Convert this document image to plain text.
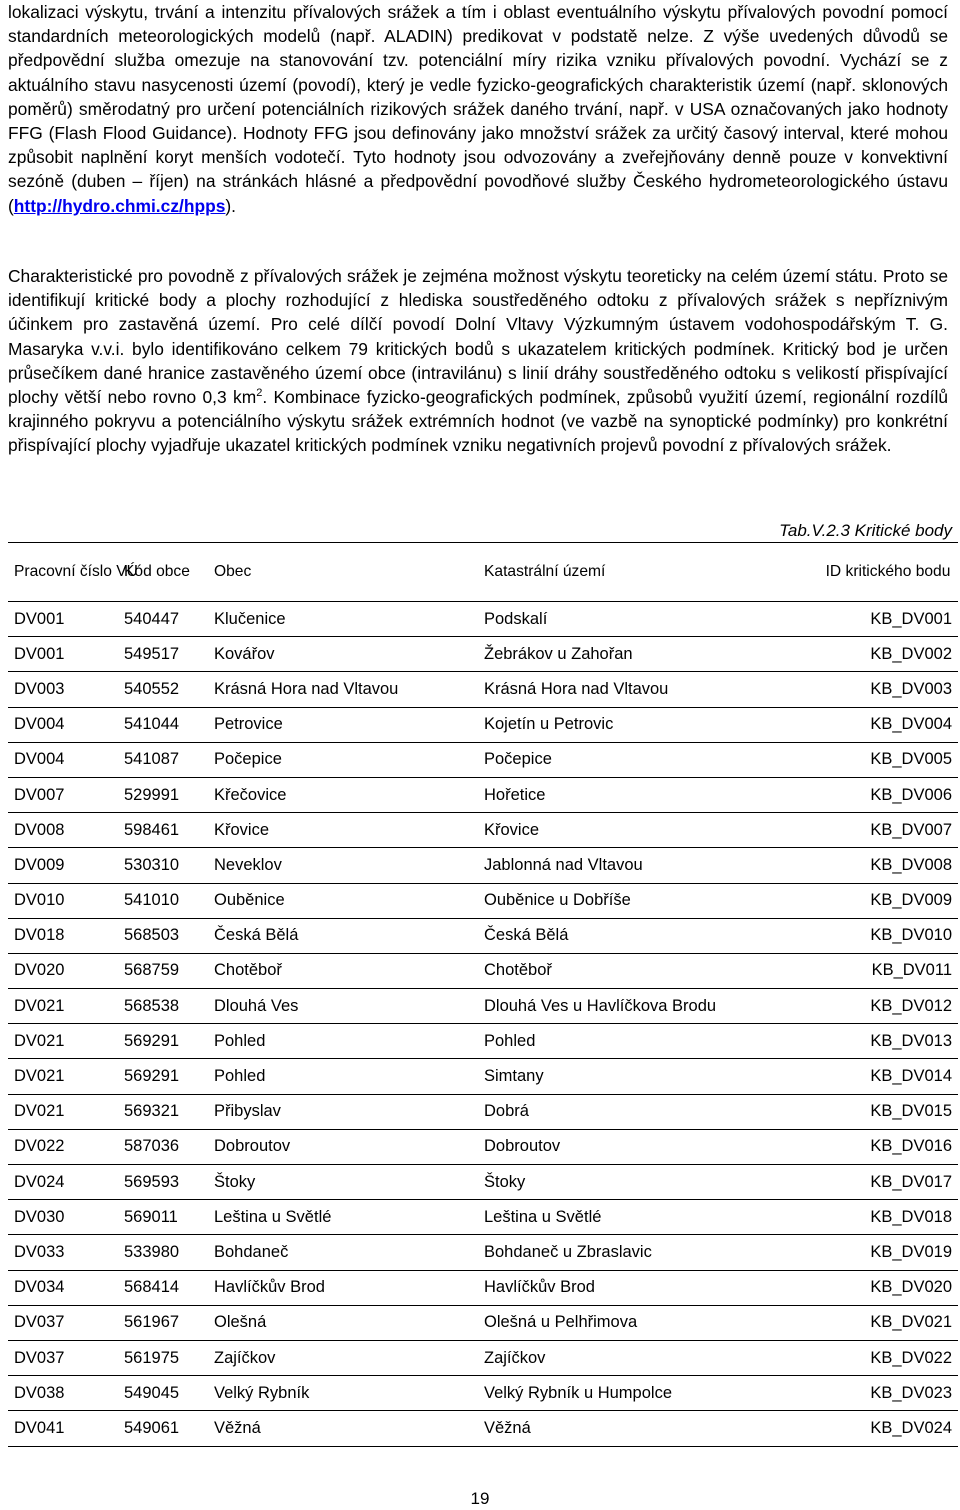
lokalizaci výskytu, trvání a intenzitu přívalových srážek a tím i oblast eventuálního výskytu přívalových povodní pomocí standardních meteorologických modelů (např. ALADIN) predikovat v podstatě nelze. Z výše uvedených důvodů se předpovědní služba omezuje na stanovování tzv. potenciální míry rizika vzniku přívalových povodní. Vychází se z aktuálního stavu nasycenosti území (povodí), který je vedle fyzicko-geografických charakteristik území (např. sklonových poměrů) směrodatný pro určení potenciálních rizikových srážek daného trvání, např. v USA označovaných jako hodnoty FFG (Flash Flood Guidance). Hodnoty FFG jsou definovány jako množství srážek za určitý časový interval, které mohou způsobit naplnění koryt menších vodotečí. Tyto hodnoty jsou odvozovány a zveřejňovány denně pouze v konvektivní sezóně (duben – říjen) na stránkách hlásné a předpovědní povodňové služby Českého hydrometeorologického ústavu (http://hydro.chmi.cz/hpps).

Charakteristické pro povodně z přívalových srážek je zejména možnost výskytu teoreticky na celém území státu. Proto se identifikují kritické body a plochy rozhodující z hlediska soustředěného odtoku z přívalových srážek s nepříznivým účinkem pro zastavěná území. Pro celé dílčí povodí Dolní Vltavy Výzkumným ústavem vodohospodářským T. G. Masaryka v.v.i. bylo identifikováno celkem 79 kritických bodů s ukazatelem kritických podmínek. Kritický bod je určen průsečíkem dané hranice zastavěného území obce (intravilánu) s linií dráhy soustředěného odtoku s velikostí přispívající plochy větší nebo rovno 0,3 $km^2$. Kombinace fyzicko-geografických podmínek, způsobů využití území, regionální rozdílů krajinného pokryvu a potenciálního výskytu srážek extrémních hodnot (ve vazbě na synoptické podmínky) pro konkrétní přispívající plochy vyjadřuje ukazatel kritických podmínek vzniku negativních projevů povodní z přívalových srážek.

Tab.V.2.3 Kritické body
Pracovní číslo VÚ	Kód obce	Obec	Katastrální území	ID kritického bodu
DV001	540447	Klučenice	Podskalí	KB_DV001
DV001	549517	Kovářov	Žebrákov u Zahořan	KB_DV002
DV003	540552	Krásná Hora nad Vltavou	Krásná Hora nad Vltavou	KB_DV003
DV004	541044	Petrovice	Kojetín u Petrovic	KB_DV004
DV004	541087	Počepice	Počepice	KB_DV005
DV007	529991	Křečovice	Hořetice	KB_DV006
DV008	598461	Křovice	Křovice	KB_DV007
DV009	530310	Neveklov	Jablonná nad Vltavou	KB_DV008
DV010	541010	Ouběnice	Ouběnice u Dobříše	KB_DV009
DV018	568503	Česká Bělá	Česká Bělá	KB_DV010
DV020	568759	Chotěboř	Chotěboř	KB_DV011
DV021	568538	Dlouhá Ves	Dlouhá Ves u Havlíčkova Brodu	KB_DV012
DV021	569291	Pohled	Pohled	KB_DV013
DV021	569291	Pohled	Simtany	KB_DV014
DV021	569321	Přibyslav	Dobrá	KB_DV015
DV022	587036	Dobroutov	Dobroutov	KB_DV016
DV024	569593	Štoky	Štoky	KB_DV017
DV030	569011	Leština u Světlé	Leština u Světlé	KB_DV018
DV033	533980	Bohdaneč	Bohdaneč u Zbraslavic	KB_DV019
DV034	568414	Havlíčkův Brod	Havlíčkův Brod	KB_DV020
DV037	561967	Olešná	Olešná u Pelhřimova	KB_DV021
DV037	561975	Zajíčkov	Zajíčkov	KB_DV022
DV038	549045	Velký Rybník	Velký Rybník u Humpolce	KB_DV023
DV041	549061	Věžná	Věžná	KB_DV024
19
